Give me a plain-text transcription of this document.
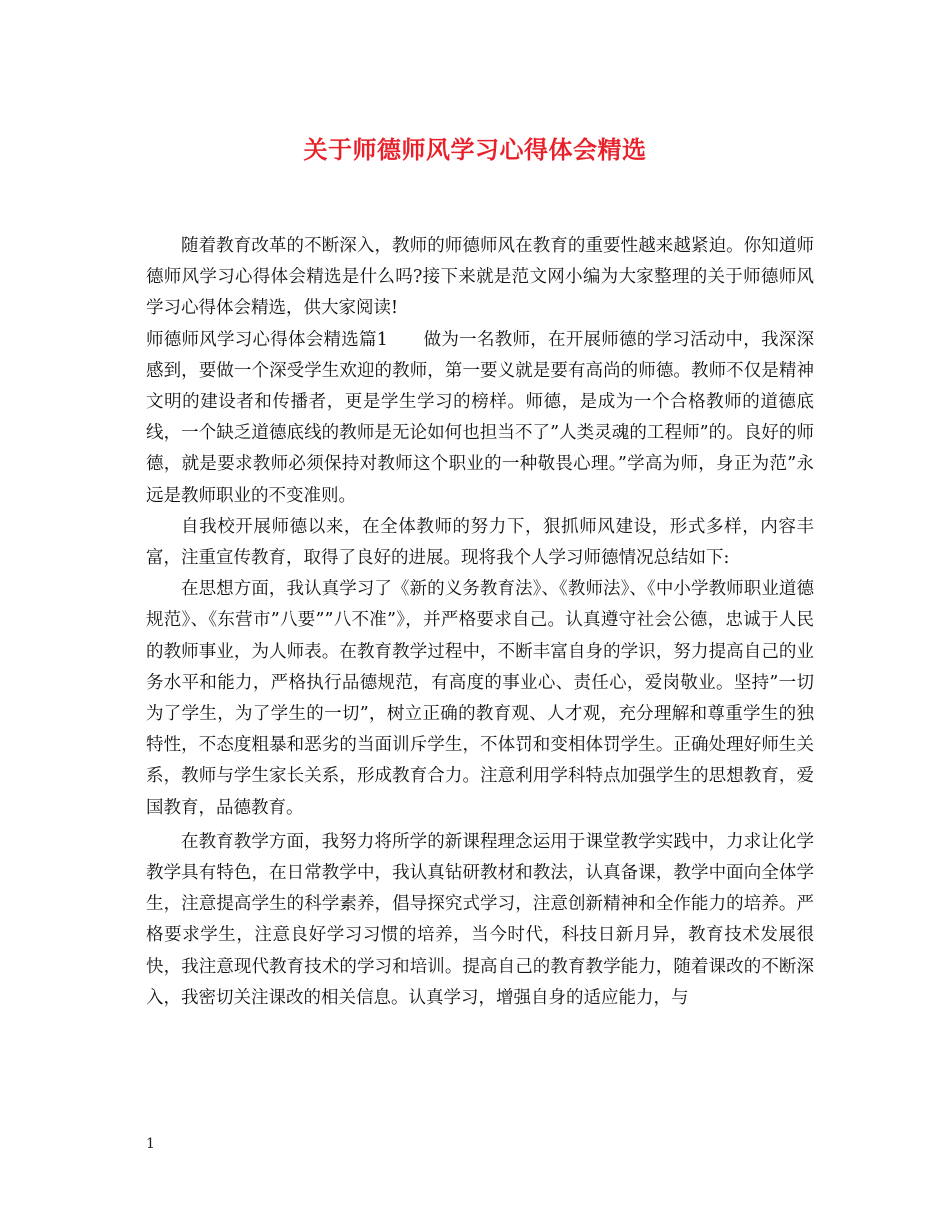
关于师德师风学习心得体会精选

随着教育改革的不断深入，教师的师德师风在教育的重要性越来越紧迫。你知道师德师风学习心得体会精选是什么吗?接下来就是范文网小编为大家整理的关于师德师风学习心得体会精选，供大家阅读!

师德师风学习心得体会精选篇1　　做为一名教师，在开展师德的学习活动中，我深深感到，要做一个深受学生欢迎的教师，第一要义就是要有高尚的师德。教师不仅是精神文明的建设者和传播者，更是学生学习的榜样。师德，是成为一个合格教师的道德底线，一个缺乏道德底线的教师是无论如何也担当不了”人类灵魂的工程师”的。良好的师德，就是要求教师必须保持对教师这个职业的一种敬畏心理。”学高为师，身正为范”永远是教师职业的不变准则。

自我校开展师德以来，在全体教师的努力下，狠抓师风建设，形式多样，内容丰富，注重宣传教育，取得了良好的进展。现将我个人学习师德情况总结如下:

在思想方面，我认真学习了《新的义务教育法》、《教师法》、《中小学教师职业道德规范》、《东营市”八要””八不准”》，并严格要求自己。认真遵守社会公德，忠诚于人民的教师事业，为人师表。在教育教学过程中，不断丰富自身的学识，努力提高自己的业务水平和能力，严格执行品德规范，有高度的事业心、责任心，爱岗敬业。坚持”一切为了学生，为了学生的一切”，树立正确的教育观、人才观，充分理解和尊重学生的独特性，不态度粗暴和恶劣的当面训斥学生，不体罚和变相体罚学生。正确处理好师生关系，教师与学生家长关系，形成教育合力。注意利用学科特点加强学生的思想教育，爱国教育，品德教育。

在教育教学方面，我努力将所学的新课程理念运用于课堂教学实践中，力求让化学教学具有特色，在日常教学中，我认真钻研教材和教法，认真备课，教学中面向全体学生，注意提高学生的科学素养，倡导探究式学习，注意创新精神和全作能力的培养。严格要求学生，注意良好学习习惯的培养，当今时代，科技日新月异，教育技术发展很快，我注意现代教育技术的学习和培训。提高自己的教育教学能力，随着课改的不断深入，我密切关注课改的相关信息。认真学习，增强自身的适应能力，与

1
